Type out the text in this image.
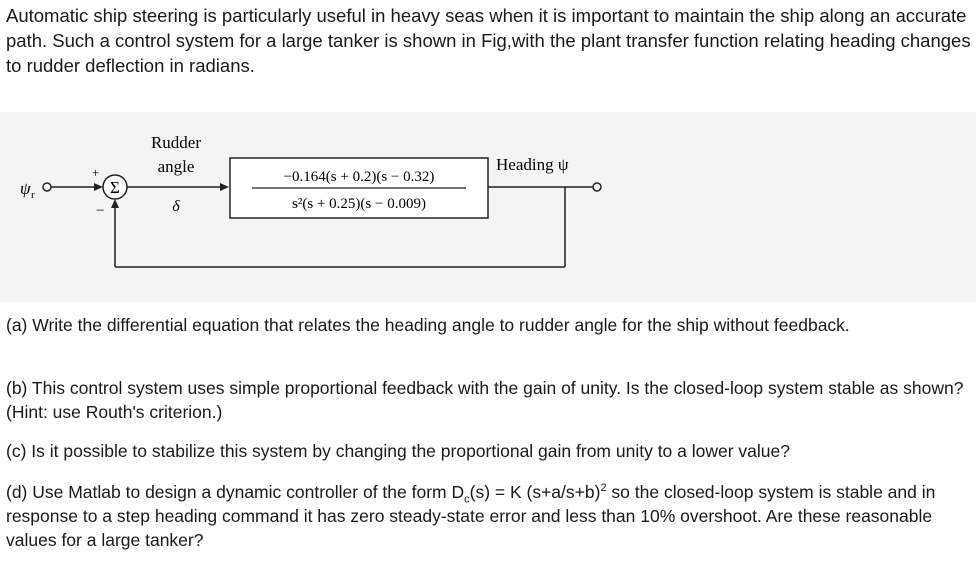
Automatic ship steering is particularly useful in heavy seas when it is important to maintain the ship along an accurate path. Such a control system for a large tanker is shown in Fig,with the plant transfer function relating heading changes to rudder deflection in radians.

ψ r	Σ
+
−
Rudder
angle
δ
−0.164(s + 0.2)(s − 0.32)
s²(s + 0.25)(s − 0.009)
Heading ψ

(a) Write the differential equation that relates the heading angle to rudder angle for the ship without feedback.

(b) This control system uses simple proportional feedback with the gain of unity. Is the closed-loop system stable as shown? (Hint: use Routh's criterion.)

(c) Is it possible to stabilize this system by changing the proportional gain from unity to a lower value?

(d) Use Matlab to design a dynamic controller of the form $D_c(s) = K$ $(s+a/s+b)^2$ so the closed-loop system is stable and in response to a step heading command it has zero steady-state error and less than 10% overshoot. Are these reasonable values for a large tanker?
